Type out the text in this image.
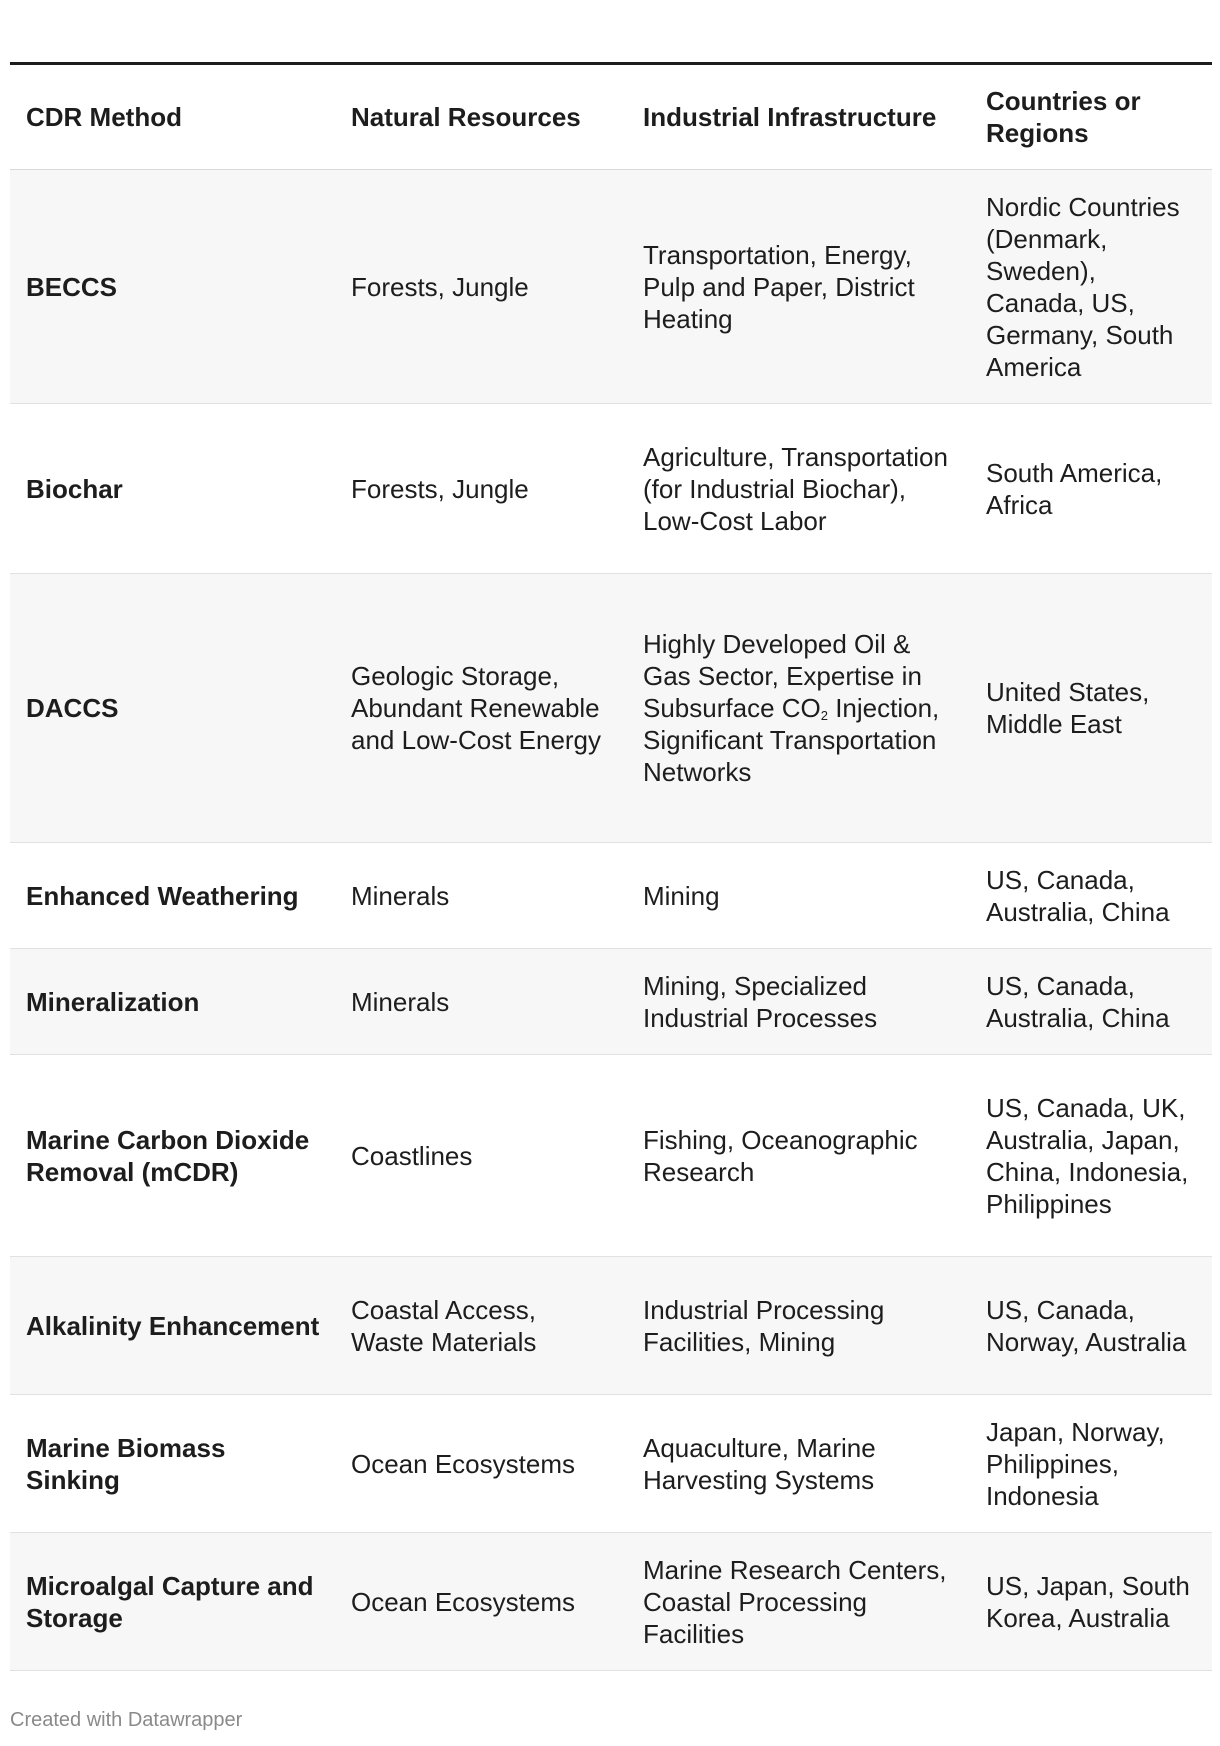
CDR Method	Natural Resources	Industrial Infrastructure	Countries or Regions
BECCS	Forests, Jungle	Transportation, Energy, Pulp and Paper, District Heating	Nordic Countries (Denmark, Sweden), Canada, US, Germany, South America
Biochar	Forests, Jungle	Agriculture, Transportation (for Industrial Biochar), Low-Cost Labor	South America, Africa
DACCS	Geologic Storage, Abundant Renewable and Low-Cost Energy	Highly Developed Oil & Gas Sector, Expertise in Subsurface $CO_2$ Injection, Significant Transportation Networks	United States, Middle East
Enhanced Weathering	Minerals	Mining	US, Canada, Australia, China
Mineralization	Minerals	Mining, Specialized Industrial Processes	US, Canada, Australia, China
Marine Carbon Dioxide Removal (mCDR)	Coastlines	Fishing, Oceanographic Research	US, Canada, UK, Australia, Japan, China, Indonesia, Philippines
Alkalinity Enhancement	Coastal Access, Waste Materials	Industrial Processing Facilities, Mining	US, Canada, Norway, Australia
Marine Biomass Sinking	Ocean Ecosystems	Aquaculture, Marine Harvesting Systems	Japan, Norway, Philippines, Indonesia
Microalgal Capture and Storage	Ocean Ecosystems	Marine Research Centers, Coastal Processing Facilities	US, Japan, South Korea, Australia
Created with Datawrapper
